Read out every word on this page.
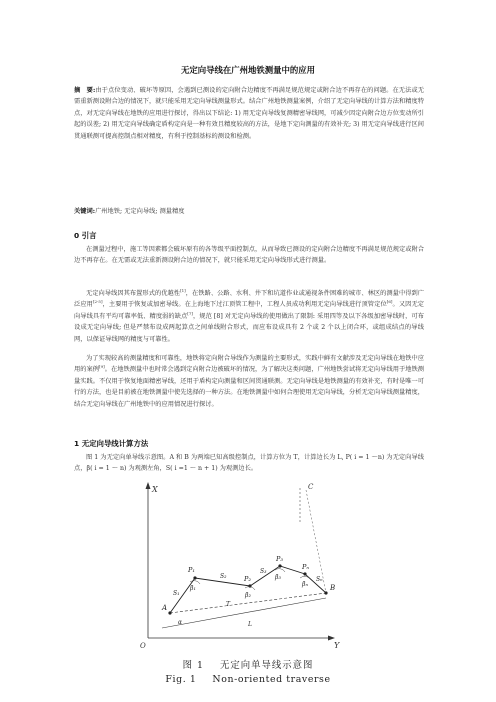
无定向导线在广州地铁测量中的应用

摘　要:由于点位变动、破坏等原因，会遇到已测设的定向附合边精度不再满足规范规定或附合边不再存在的问题。在无法或无需重新测设附合边的情况下，就只能采用无定向导线测量形式。结合广州地铁测量案例，介绍了无定向导线的计算方法和精度特点，对无定向导线在地铁的应用进行探讨，得出以下结论: 1) 用无定向导线复测精密导线网，可减少因定向附合边方位变动所引起的误差; 2) 用无定向导线确定盾构定向是一种有效且精度较高的方法，是地下定向测量的有效补充; 3) 用无定向导线进行区间贯通联测可提高控制点相对精度，有利于控制基标的测设和检测。

关键词:广州地铁; 无定向导线; 测量精度
0 引言

在测量过程中，施工等因素都会破坏原有的各等级平面控制点，从而导致已测设的定向附合边精度不再满足规范规定或附合边不再存在。在无需或无法重新测设附合边的情况下，就只能采用无定向导线形式进行测量。

无定向导线因其布置形式的优越性[1]，在铁路、公路、水利、井下和坑道作业或通视条件困难的城市、林区的测量中得到广泛应用[2-5]，主要用于恢复或加密导线。在上海地下过江顶管工程中，工程人员成功利用无定向导线进行顶管定位[6]。又因无定向导线具有平均可靠率低、精度弱的缺点[7]，规范 [8] 对无定向导线的使用做出了限制: 采用四等及以下各级加密导线时，可布设成无定向导线; 但是严禁布设成两起算点之间单线附合形式，而应布设成具有 2 个或 2 个以上闭合环，或组成结点的导线网，以保证导线网的精度与可靠性。

为了实现较高的测量精度和可靠性，地铁将定向附合导线作为测量的主要形式，实践中鲜有文献涉及无定向导线在地铁中应用的案例[9]。在地铁测量中也时常会遇到定向附合边被破坏的情况，为了解决这类问题，广州地铁尝试将无定向导线用于地铁测量实践。不仅用于恢复地面精密导线，还用于盾构定向测量和区间贯通联测。无定向导线是地铁测量的有效补充，有时是唯一可行的方法，也是目前被在地铁测量中使先选择的一种方法。在地铁测量中如何合理使用无定向导线，分析无定向导线测量精度，结合无定向导线在广州地铁中的应用情况进行探讨。

1 无定向导线计算方法

图 1 为无定向单导线示意图。A 和 B 为两端已知高级控制点，计算方位为 T，计算边长为 L, P( i = 1 ～n) 为无定向导线点，β( i = 1 ～ n) 为观测左角，S( i =1 ～ n + 1) 为观测边长。

X
Y
O
C
L
A
B
P₁
P₂
P₃
Pₙ
β₁
β₂
β₃
βₙ
S₁
S₂
S₃
Sₙ
α
T
图 1 无定向单导线示意图
Fig. 1 Non-oriented traverse
